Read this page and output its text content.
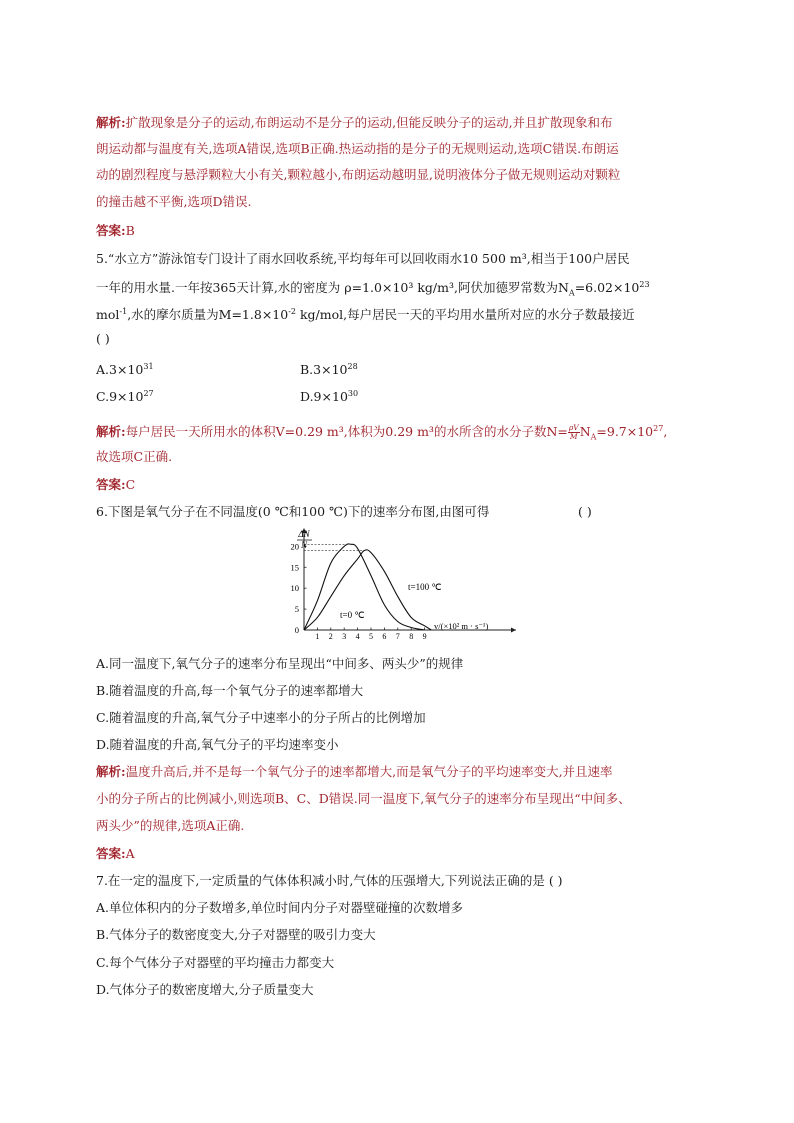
解析:扩散现象是分子的运动,布朗运动不是分子的运动,但能反映分子的运动,并且扩散现象和布
朗运动都与温度有关,选项A错误,选项B正确.热运动指的是分子的无规则运动,选项C错误.布朗运
动的剧烈程度与悬浮颗粒大小有关,颗粒越小,布朗运动越明显,说明液体分子做无规则运动对颗粒
的撞击越不平衡,选项D错误.
答案:B
5.“水立方”游泳馆专门设计了雨水回收系统,平均每年可以回收雨水10 500 m³,相当于100户居民
一年的用水量.一年按365天计算,水的密度为 ρ=1.0×10³ kg/m³,阿伏加德罗常数为$N_A=6.02\times 10^{23}$
mol$^{-1}$,水的摩尔质量为$M=1.8\times 10^{-2}$ kg/mol,每户居民一天的平均用水量所对应的水分子数最接近
( )
$A.3\times 10^{31}$	$B.3\times 10^{28}$
$C.9\times 10^{27}$	$D.9\times 10^{30}$
解析:每户居民一天所用水的体积V=0.29 m³,体积为0.29 m³的水所含的水分子数$N= \frac{\rho V}{M} N_A=9.7\times 10^{27}$,
故选项C正确.
答案:C
6.下图是氧气分子在不同温度(0 ℃和100 ℃)下的速率分布图,由图可得	( )
1 2 3 4 5 6 7 8 9
0
5
10
15
20
ΔN
N
v/(×10² m · s⁻¹)
t=100 ℃
t=0 ℃
A.同一温度下,氧气分子的速率分布呈现出“中间多、两头少”的规律
B.随着温度的升高,每一个氧气分子的速率都增大
C.随着温度的升高,氧气分子中速率小的分子所占的比例增加
D.随着温度的升高,氧气分子的平均速率变小
解析:温度升高后,并不是每一个氧气分子的速率都增大,而是氧气分子的平均速率变大,并且速率
小的分子所占的比例减小,则选项B、C、D错误.同一温度下,氧气分子的速率分布呈现出“中间多、
两头少”的规律,选项A正确.
答案:A
7.在一定的温度下,一定质量的气体体积减小时,气体的压强增大,下列说法正确的是 ( )
A.单位体积内的分子数增多,单位时间内分子对器壁碰撞的次数增多
B.气体分子的数密度变大,分子对器壁的吸引力变大
C.每个气体分子对器壁的平均撞击力都变大
D.气体分子的数密度增大,分子质量变大
